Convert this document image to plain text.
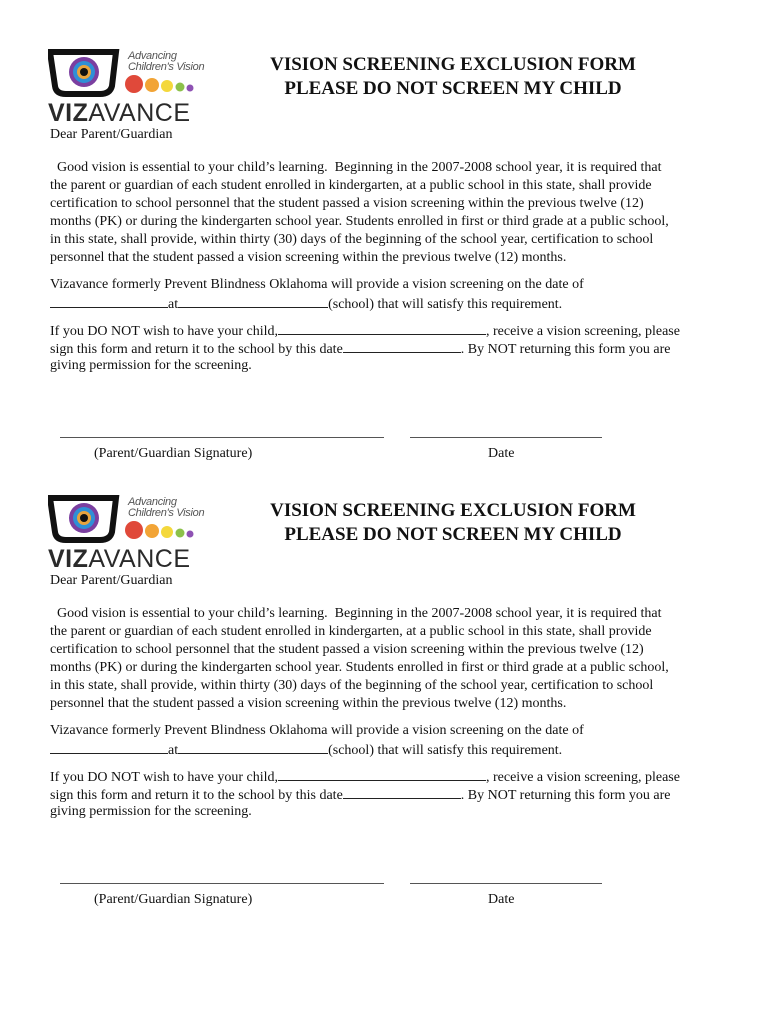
Advancing
Children's Vision
VIZAVANCE
VISION SCREENING EXCLUSION FORM
PLEASE DO NOT SCREEN MY CHILD
Dear Parent/Guardian
Good vision is essential to your child’s learning.  Beginning in the 2007-2008 school year, it is required that
the parent or guardian of each student enrolled in kindergarten, at a public school in this state, shall provide
certification to school personnel that the student passed a vision screening within the previous twelve (12)
months (PK) or during the kindergarten school year. Students enrolled in first or third grade at a public school,
in this state, shall provide, within thirty (30) days of the beginning of the school year, certification to school
personnel that the student passed a vision screening within the previous twelve (12) months.
Vizavance formerly Prevent Blindness Oklahoma will provide a vision screening on the date of
at	(school) that will satisfy this requirement.
If you DO NOT wish to have your child,	, receive a vision screening, please
sign this form and return it to the school by this date	. By NOT returning this form you are
giving permission for the screening.
(Parent/Guardian Signature)	Date
Advancing
Children's Vision
VIZAVANCE
VISION SCREENING EXCLUSION FORM
PLEASE DO NOT SCREEN MY CHILD
Dear Parent/Guardian
Good vision is essential to your child’s learning.  Beginning in the 2007-2008 school year, it is required that
the parent or guardian of each student enrolled in kindergarten, at a public school in this state, shall provide
certification to school personnel that the student passed a vision screening within the previous twelve (12)
months (PK) or during the kindergarten school year. Students enrolled in first or third grade at a public school,
in this state, shall provide, within thirty (30) days of the beginning of the school year, certification to school
personnel that the student passed a vision screening within the previous twelve (12) months.
Vizavance formerly Prevent Blindness Oklahoma will provide a vision screening on the date of
at	(school) that will satisfy this requirement.
If you DO NOT wish to have your child,	, receive a vision screening, please
sign this form and return it to the school by this date	. By NOT returning this form you are
giving permission for the screening.
(Parent/Guardian Signature)	Date
